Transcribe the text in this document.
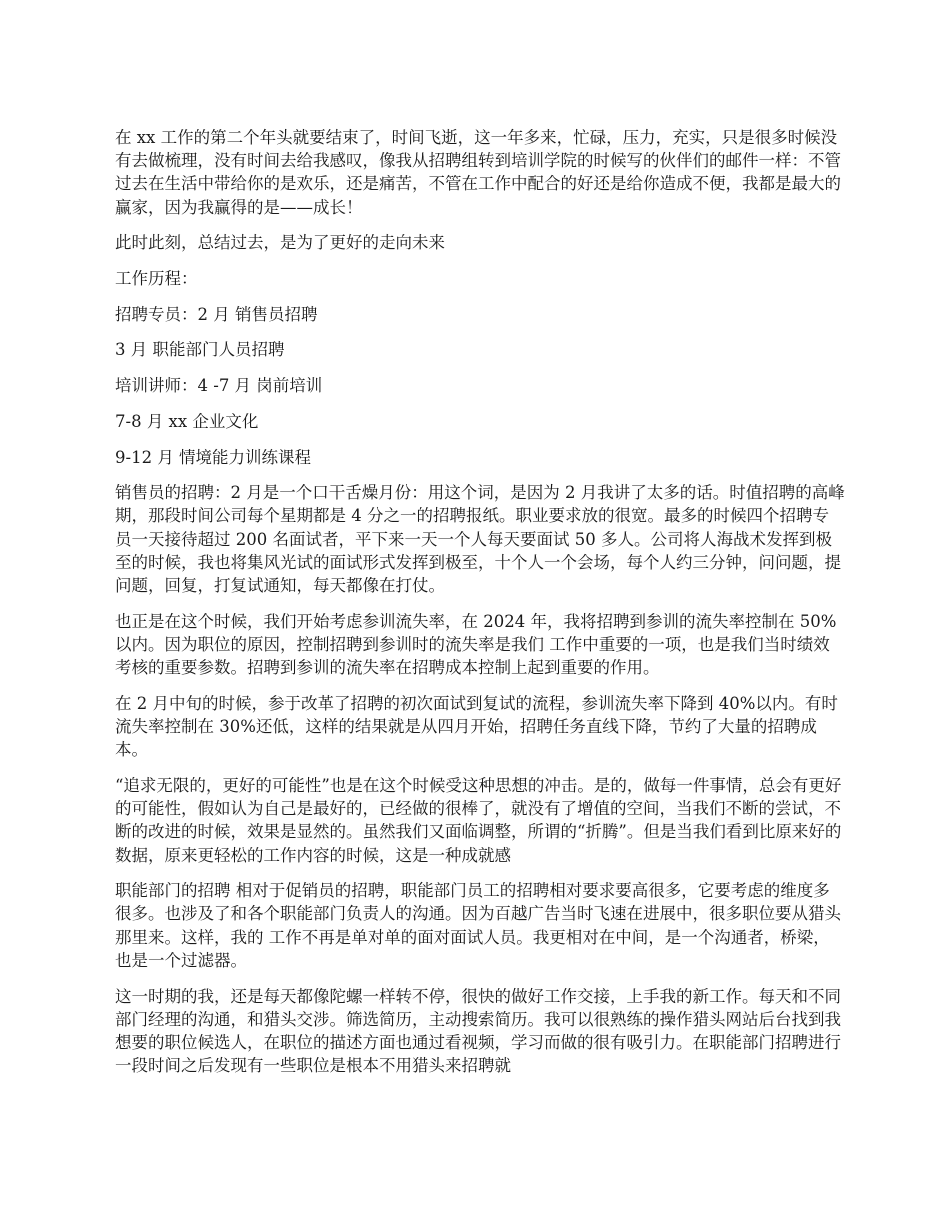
在 xx 工作的第二个年头就要结束了，时间飞逝，这一年多来，忙碌，压力，充实，只是很多时候没有去做梳理，没有时间去给我感叹，像我从招聘组转到培训学院的时候写的伙伴们的邮件一样：不管过去在生活中带给你的是欢乐，还是痛苦，不管在工作中配合的好还是给你造成不便，我都是最大的赢家，因为我赢得的是——成长！

此时此刻，总结过去，是为了更好的走向未来

工作历程：

招聘专员：2 月 销售员招聘

3 月 职能部门人员招聘

培训讲师：4 -7 月 岗前培训

7-8 月 xx 企业文化

9-12 月 情境能力训练课程

销售员的招聘：2 月是一个口干舌燥月份：用这个词，是因为 2 月我讲了太多的话。时值招聘的高峰期，那段时间公司每个星期都是 4 分之一的招聘报纸。职业要求放的很宽。最多的时候四个招聘专员一天接待超过 200 名面试者，平下来一天一个人每天要面试 50 多人。公司将人海战术发挥到极至的时候，我也将集风光试的面试形式发挥到极至，十个人一个会场，每个人约三分钟，问问题，提问题，回复，打复试通知，每天都像在打仗。

也正是在这个时候，我们开始考虑参训流失率，在 2024 年，我将招聘到参训的流失率控制在 50%以内。因为职位的原因，控制招聘到参训时的流失率是我们 工作中重要的一项，也是我们当时绩效考核的重要参数。招聘到参训的流失率在招聘成本控制上起到重要的作用。

在 2 月中旬的时候，参于改革了招聘的初次面试到复试的流程，参训流失率下降到 40%以内。有时流失率控制在 30%还低，这样的结果就是从四月开始，招聘任务直线下降，节约了大量的招聘成本。

“追求无限的，更好的可能性”也是在这个时候受这种思想的冲击。是的，做每一件事情，总会有更好的可能性，假如认为自己是最好的，已经做的很棒了，就没有了增值的空间，当我们不断的尝试，不断的改进的时候，效果是显然的。虽然我们又面临调整，所谓的“折腾”。但是当我们看到比原来好的数据，原来更轻松的工作内容的时候，这是一种成就感

职能部门的招聘 相对于促销员的招聘，职能部门员工的招聘相对要求要高很多，它要考虑的维度多很多。也涉及了和各个职能部门负责人的沟通。因为百越广告当时飞速在进展中，很多职位要从猎头那里来。这样，我的 工作不再是单对单的面对面试人员。我更相对在中间，是一个沟通者，桥梁，也是一个过滤器。

这一时期的我，还是每天都像陀螺一样转不停，很快的做好工作交接，上手我的新工作。每天和不同部门经理的沟通，和猎头交涉。筛选简历，主动搜索简历。我可以很熟练的操作猎头网站后台找到我想要的职位候选人，在职位的描述方面也通过看视频，学习而做的很有吸引力。在职能部门招聘进行一段时间之后发现有一些职位是根本不用猎头来招聘就
